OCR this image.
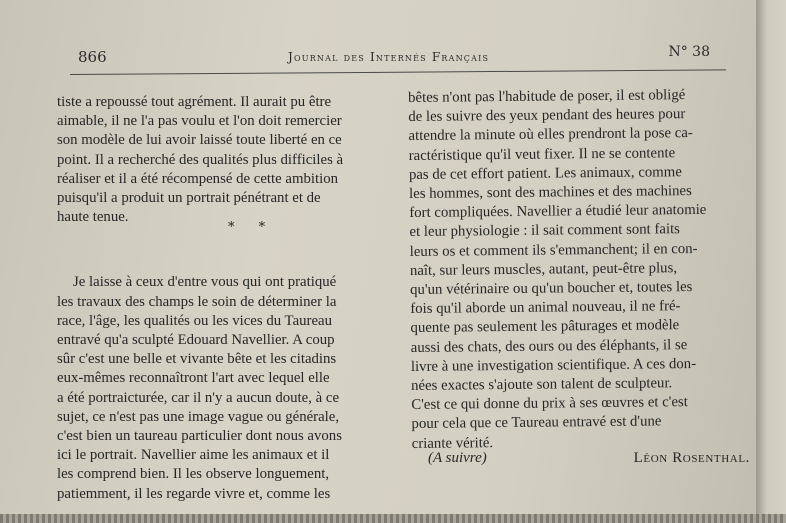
866	Journal des Internés Français	N° 38
tiste a repoussé tout agrément. Il aurait pu être
aimable, il ne l'a pas voulu et l'on doit remercier
son modèle de lui avoir laissé toute liberté en ce
point. Il a recherché des qualités plus difficiles à
réaliser et il a été récompensé de cette ambition
puisqu'il a produit un portrait pénétrant et de
haute tenue.
Je laisse à ceux d'entre vous qui ont pratiqué
les travaux des champs le soin de déterminer la
race, l'âge, les qualités ou les vices du Taureau
entravé qu'a sculpté Edouard Navellier. A coup
sûr c'est une belle et vivante bête et les citadins
eux-mêmes reconnaîtront l'art avec lequel elle
a été portraicturée, car il n'y a aucun doute, à ce
sujet, ce n'est pas une image vague ou générale,
c'est bien un taureau particulier dont nous avons
ici le portrait. Navellier aime les animaux et il
les comprend bien. Il les observe longuement,
patiemment, il les regarde vivre et, comme les
* *
bêtes n'ont pas l'habitude de poser, il est obligé
de les suivre des yeux pendant des heures pour
attendre la minute où elles prendront la pose ca-
ractéristique qu'il veut fixer. Il ne se contente
pas de cet effort patient. Les animaux, comme
les hommes, sont des machines et des machines
fort compliquées. Navellier a étudié leur anatomie
et leur physiologie : il sait comment sont faits
leurs os et comment ils s'emmanchent; il en con-
naît, sur leurs muscles, autant, peut-être plus,
qu'un vétérinaire ou qu'un boucher et, toutes les
fois qu'il aborde un animal nouveau, il ne fré-
quente pas seulement les pâturages et modèle
aussi des chats, des ours ou des éléphants, il se
livre à une investigation scientifique. A ces don-
nées exactes s'ajoute son talent de sculpteur.
C'est ce qui donne du prix à ses œuvres et c'est
pour cela que ce Taureau entravé est d'une
criante vérité.
(A suivre)	Léon Rosenthal.
